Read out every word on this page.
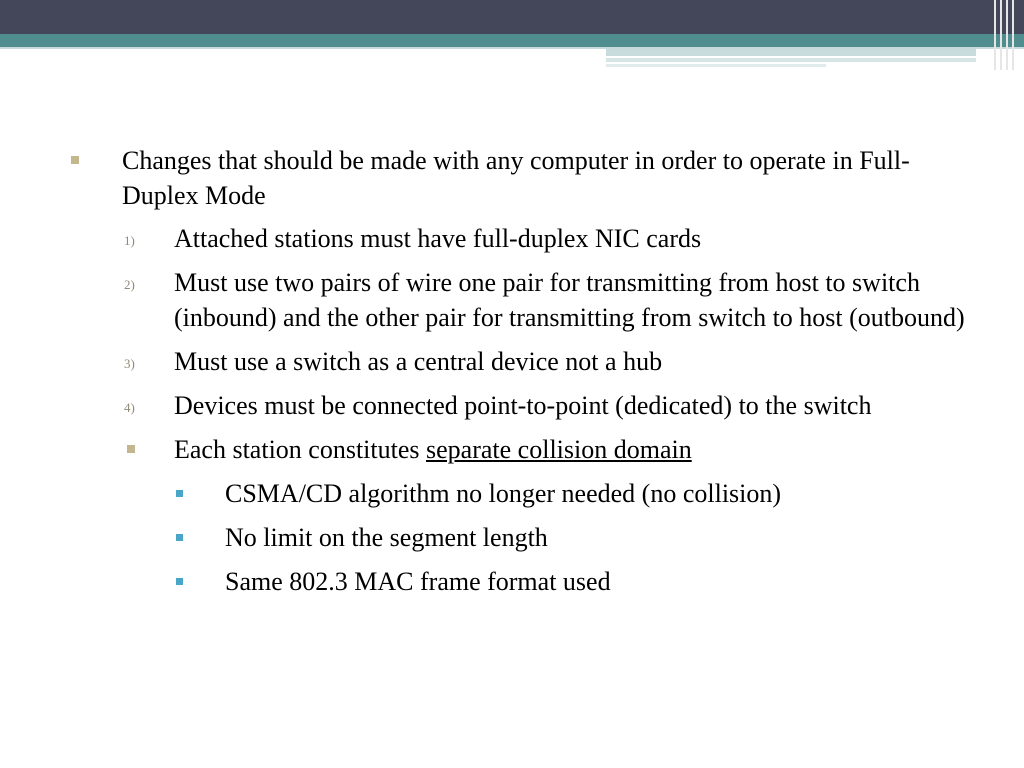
Changes that should be made with any computer in order to operate in Full-Duplex Mode
1) Attached stations must have full-duplex NIC cards
2) Must use two pairs of wire one pair for transmitting from host to switch (inbound) and the other pair for transmitting from switch to host (outbound)
3) Must use a switch as a central device not a hub
4) Devices must be connected point-to-point (dedicated) to the switch
Each station constitutes separate collision domain
CSMA/CD algorithm no longer needed (no collision)
No limit on the segment length
Same 802.3 MAC frame format used
